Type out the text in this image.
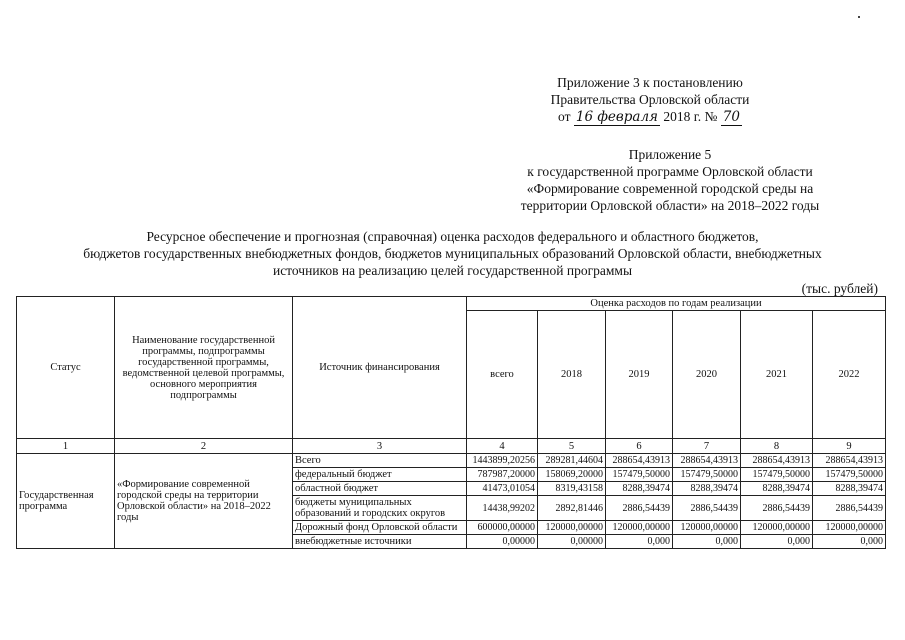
Приложение 3 к постановлению
Правительства Орловской области
от 16 февраля 2018 г. № 70
Приложение 5
к государственной программе Орловской области
«Формирование современной городской среды на
территории Орловской области» на 2018–2022 годы
Ресурсное обеспечение и прогнозная (справочная) оценка расходов федерального и областного бюджетов,
бюджетов государственных внебюджетных фондов, бюджетов муниципальных образований Орловской области, внебюджетных
источников на реализацию целей государственной программы
(тыс. рублей)
Статус	Наименование государственной программы, подпрограммы государственной программы, ведомственной целевой программы, основного мероприятия подпрограммы	Источник финансирования	Оценка расходов по годам реализации					
			всего	2018	2019	2020	2021	2022
1	2	3	4	5	6	7	8	9
Государственная программа	«Формирование современной городской среды на территории Орловской области» на 2018–2022 годы	Всего	1443899,20256	289281,44604	288654,43913	288654,43913	288654,43913	288654,43913
		федеральный бюджет	787987,20000	158069,20000	157479,50000	157479,50000	157479,50000	157479,50000
		областной бюджет	41473,01054	8319,43158	8288,39474	8288,39474	8288,39474	8288,39474
		бюджеты муниципальных образований и городских округов	14438,99202	2892,81446	2886,54439	2886,54439	2886,54439	2886,54439
		Дорожный фонд Орловской области	600000,00000	120000,00000	120000,00000	120000,00000	120000,00000	120000,00000
		внебюджетные источники	0,00000	0,00000	0,000	0,000	0,000	0,000
